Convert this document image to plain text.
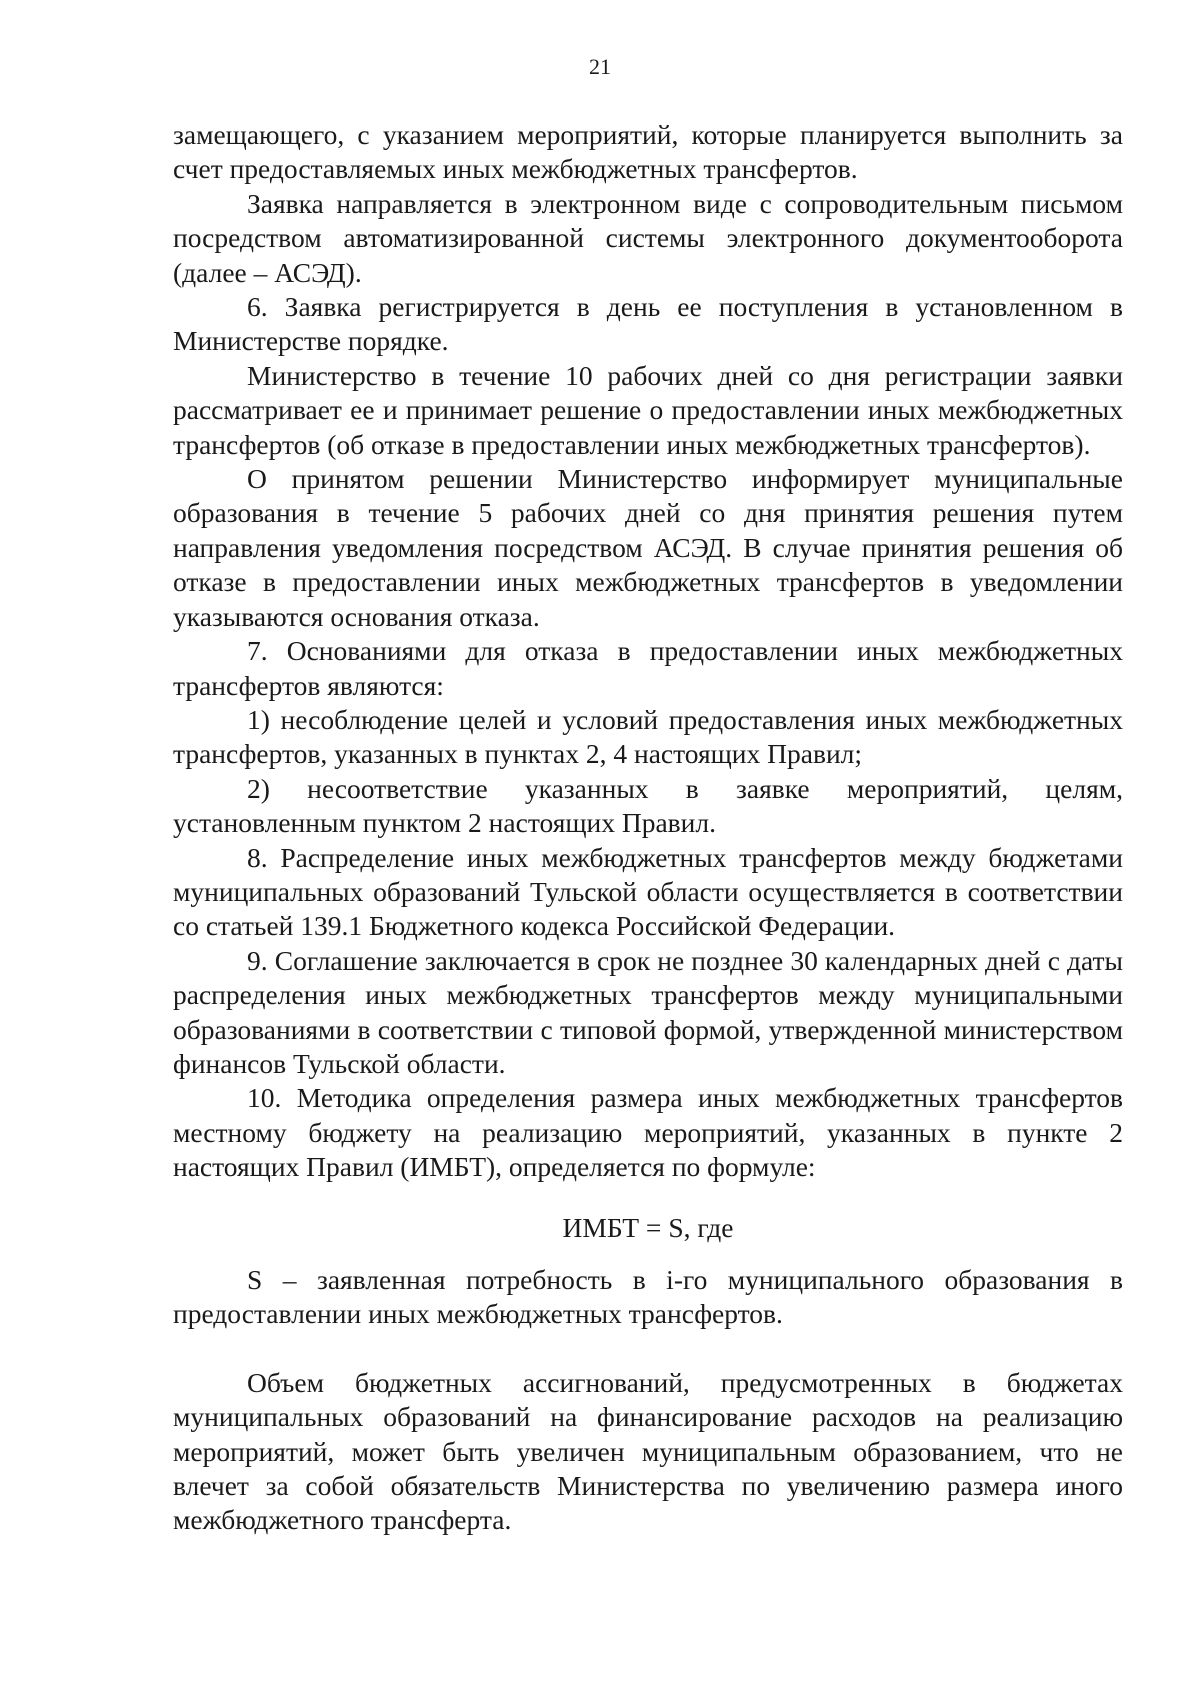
21

замещающего, с указанием мероприятий, которые планируется выполнить за счет предоставляемых иных межбюджетных трансфертов.

Заявка направляется в электронном виде с сопроводительным письмом посредством автоматизированной системы электронного документооборота (далее – АСЭД).

6. Заявка регистрируется в день ее поступления в установленном в Министерстве порядке.

Министерство в течение 10 рабочих дней со дня регистрации заявки рассматривает ее и принимает решение о предоставлении иных межбюджетных трансфертов (об отказе в предоставлении иных межбюджетных трансфертов).

О принятом решении Министерство информирует муниципальные образования в течение 5 рабочих дней со дня принятия решения путем направления уведомления посредством АСЭД. В случае принятия решения об отказе в предоставлении иных межбюджетных трансфертов в уведомлении указываются основания отказа.

7. Основаниями для отказа в предоставлении иных межбюджетных трансфертов являются:

1) несоблюдение целей и условий предоставления иных межбюджетных трансфертов, указанных в пунктах 2, 4 настоящих Правил;

2) несоответствие указанных в заявке мероприятий, целям, установленным пунктом 2 настоящих Правил.

8. Распределение иных межбюджетных трансфертов между бюджетами муниципальных образований Тульской области осуществляется в соответствии со статьей 139.1 Бюджетного кодекса Российской Федерации.

9. Соглашение заключается в срок не позднее 30 календарных дней с даты распределения иных межбюджетных трансфертов между муниципальными образованиями в соответствии с типовой формой, утвержденной министерством финансов Тульской области.

10. Методика определения размера иных межбюджетных трансфертов местному бюджету на реализацию мероприятий, указанных в пункте 2 настоящих Правил (ИМБТ), определяется по формуле:

ИМБТ = S, где

S – заявленная потребность в i-го муниципального образования в предоставлении иных межбюджетных трансфертов.

Объем бюджетных ассигнований, предусмотренных в бюджетах муниципальных образований на финансирование расходов на реализацию мероприятий, может быть увеличен муниципальным образованием, что не влечет за собой обязательств Министерства по увеличению размера иного межбюджетного трансферта.
